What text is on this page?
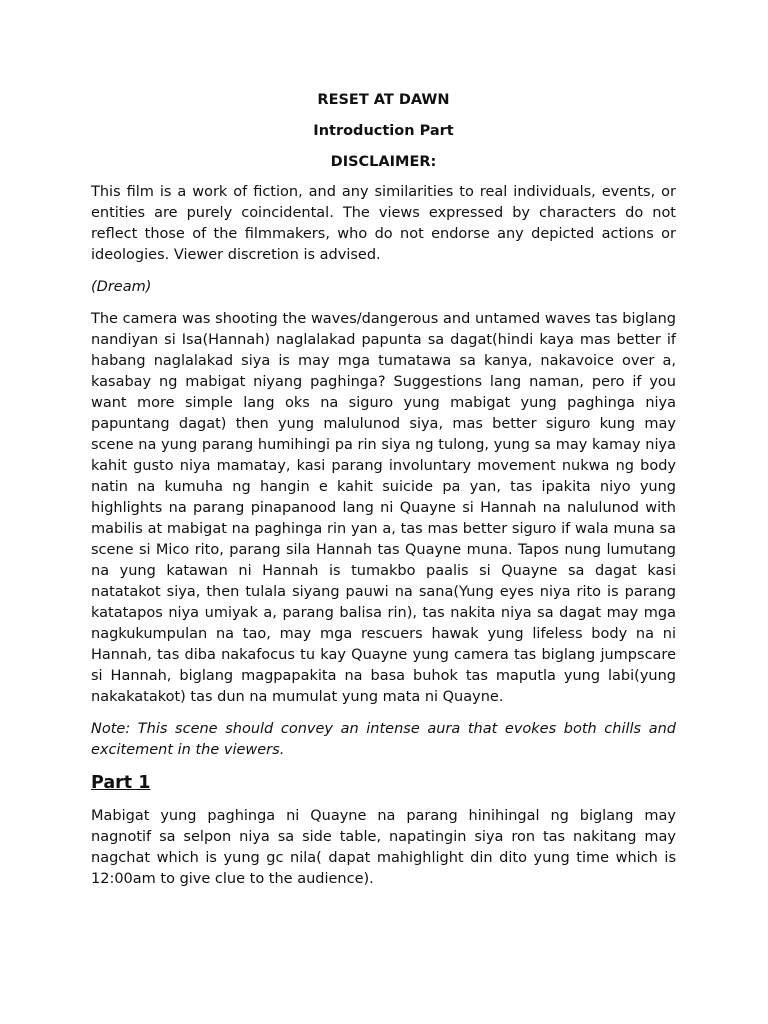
RESET AT DAWN
Introduction Part
DISCLAIMER:

This film is a work of fiction, and any similarities to real individuals, events, or entities are purely coincidental. The views expressed by characters do not reflect those of the filmmakers, who do not endorse any depicted actions or ideologies. Viewer discretion is advised.

(Dream)

The camera was shooting the waves/dangerous and untamed waves tas biglang nandiyan si Isa(Hannah) naglalakad papunta sa dagat(hindi kaya mas better if habang naglalakad siya is may mga tumatawa sa kanya, nakavoice over a, kasabay ng mabigat niyang paghinga? Suggestions lang naman, pero if you want more simple lang oks na siguro yung mabigat yung paghinga niya papuntang dagat) then yung malulunod siya, mas better siguro kung may scene na yung parang humihingi pa rin siya ng tulong, yung sa may kamay niya kahit gusto niya mamatay, kasi parang involuntary movement nukwa ng body natin na kumuha ng hangin e kahit suicide pa yan, tas ipakita niyo yung highlights na parang pinapanood lang ni Quayne si Hannah na nalulunod with mabilis at mabigat na paghinga rin yan a, tas mas better siguro if wala muna sa scene si Mico rito, parang sila Hannah tas Quayne muna. Tapos nung lumutang na yung katawan ni Hannah is tumakbo paalis si Quayne sa dagat kasi natatakot siya, then tulala siyang pauwi na sana(Yung eyes niya rito is parang katatapos niya umiyak a, parang balisa rin), tas nakita niya sa dagat may mga nagkukumpulan na tao, may mga rescuers hawak yung lifeless body na ni Hannah, tas diba nakafocus tu kay Quayne yung camera tas biglang jumpscare si Hannah, biglang magpapakita na basa buhok tas maputla yung labi(yung nakakatakot) tas dun na mumulat yung mata ni Quayne.

Note: This scene should convey an intense aura that evokes both chills and excitement in the viewers.

Part 1

Mabigat yung paghinga ni Quayne na parang hinihingal ng biglang may nagnotif sa selpon niya sa side table, napatingin siya ron tas nakitang may nagchat which is yung gc nila( dapat mahighlight din dito yung time which is 12:00am to give clue to the audience).
